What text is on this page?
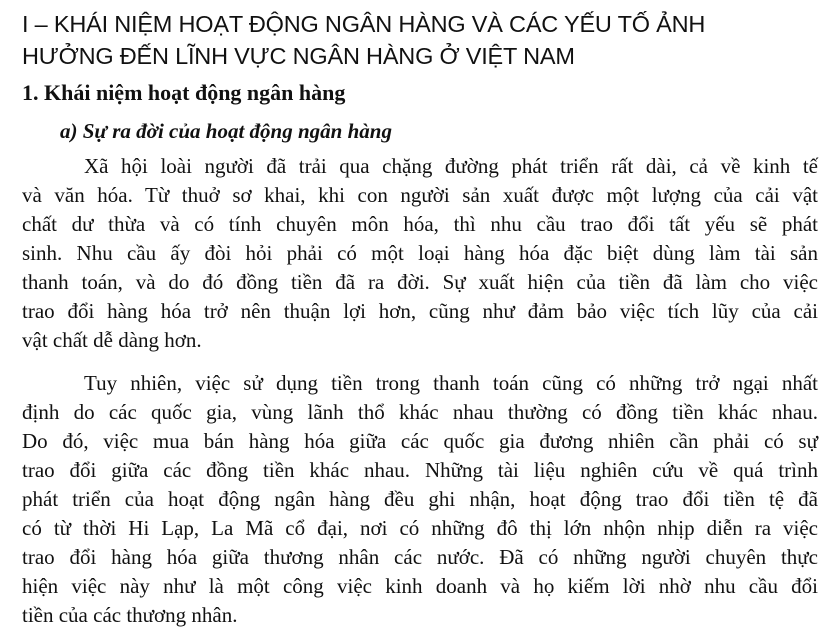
I – KHÁI NIỆM HOẠT ĐỘNG NGÂN HÀNG VÀ CÁC YẾU TỐ ẢNH
HƯỞNG ĐẾN LĨNH VỰC NGÂN HÀNG Ở VIỆT NAM
1. Khái niệm hoạt động ngân hàng
a) Sự ra đời của hoạt động ngân hàng

Xã hội loài người đã trải qua chặng đường phát triển rất dài, cả về kinh tế
và văn hóa. Từ thuở sơ khai, khi con người sản xuất được một lượng của cải vật
chất dư thừa và có tính chuyên môn hóa, thì nhu cầu trao đổi tất yếu sẽ phát
sinh. Nhu cầu ấy đòi hỏi phải có một loại hàng hóa đặc biệt dùng làm tài sản
thanh toán, và do đó đồng tiền đã ra đời. Sự xuất hiện của tiền đã làm cho việc
trao đổi hàng hóa trở nên thuận lợi hơn, cũng như đảm bảo việc tích lũy của cải
vật chất dễ dàng hơn.

Tuy nhiên, việc sử dụng tiền trong thanh toán cũng có những trở ngại nhất
định do các quốc gia, vùng lãnh thổ khác nhau thường có đồng tiền khác nhau.
Do đó, việc mua bán hàng hóa giữa các quốc gia đương nhiên cần phải có sự
trao đổi giữa các đồng tiền khác nhau. Những tài liệu nghiên cứu về quá trình
phát triển của hoạt động ngân hàng đều ghi nhận, hoạt động trao đổi tiền tệ đã
có từ thời Hi Lạp, La Mã cổ đại, nơi có những đô thị lớn nhộn nhịp diễn ra việc
trao đổi hàng hóa giữa thương nhân các nước. Đã có những người chuyên thực
hiện việc này như là một công việc kinh doanh và họ kiếm lời nhờ nhu cầu đổi
tiền của các thương nhân.
